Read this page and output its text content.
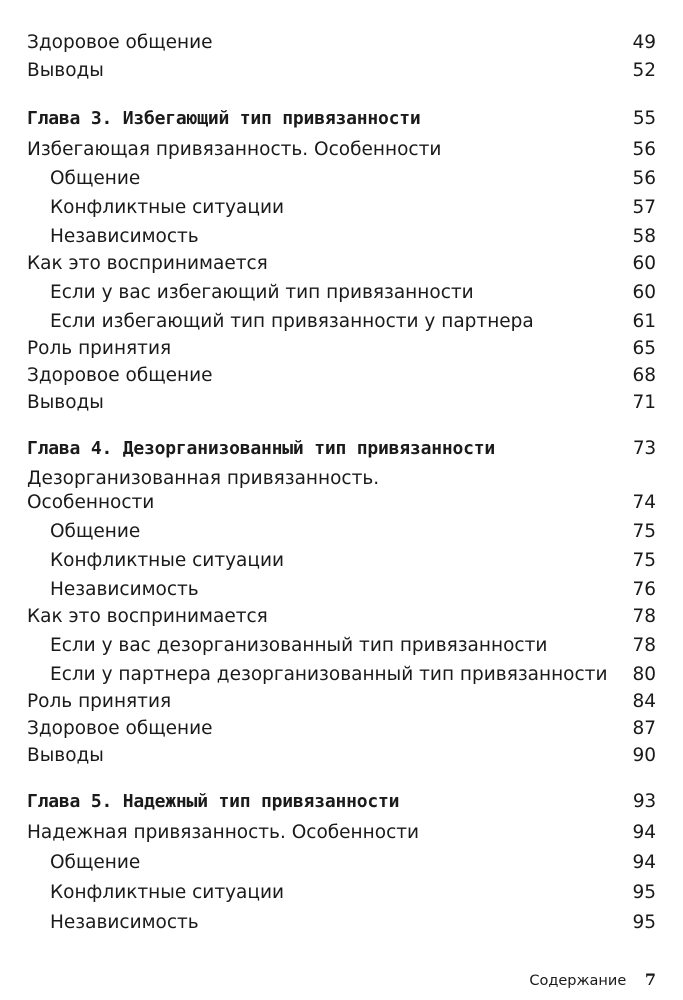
Здоровое общение	49
Выводы	52
Глава 3. Избегающий тип привязанности	55
Избегающая привязанность. Особенности	56
Общение	56
Конфликтные ситуации	57
Независимость	58
Как это воспринимается	60
Если у вас избегающий тип привязанности	60
Если избегающий тип привязанности у партнера	61
Роль принятия	65
Здоровое общение	68
Выводы	71
Глава 4. Дезорганизованный тип привязанности	73
Дезорганизованная привязанность.
Особенности	74
Общение	75
Конфликтные ситуации	75
Независимость	76
Как это воспринимается	78
Если у вас дезорганизованный тип привязанности	78
Если у партнера дезорганизованный тип привязанности 80
Роль принятия	84
Здоровое общение	87
Выводы	90
Глава 5. Надежный тип привязанности	93
Надежная привязанность. Особенности	94
Общение	94
Конфликтные ситуации	95
Независимость	95
Содержание 7
